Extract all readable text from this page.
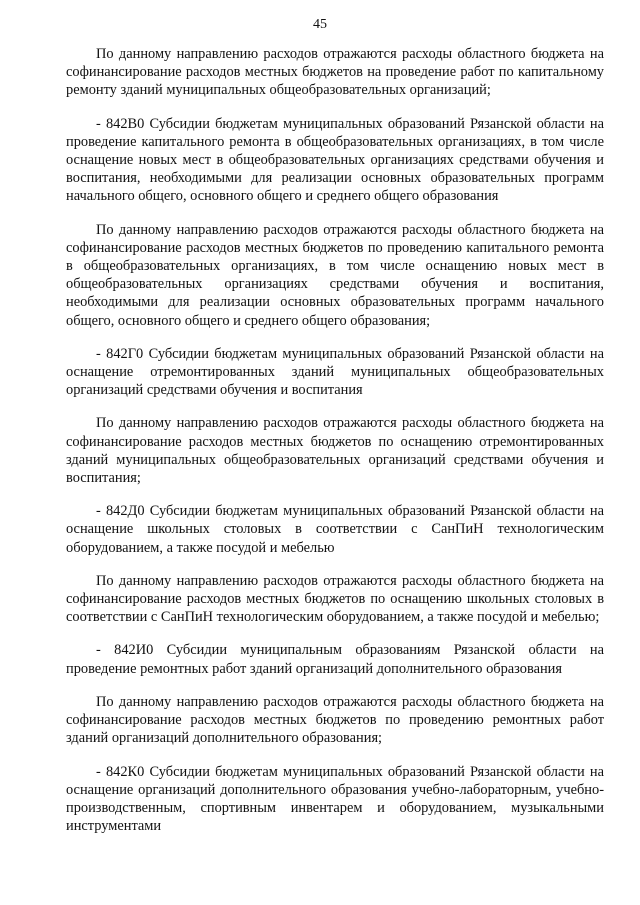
45

По данному направлению расходов отражаются расходы областного бюджета на софинансирование расходов местных бюджетов на проведение работ по капитальному ремонту зданий муниципальных общеобразовательных организаций;

- 842В0 Субсидии бюджетам муниципальных образований Рязанской области на проведение капитального ремонта в общеобразовательных организациях, в том числе оснащение новых мест в общеобразовательных организациях средствами обучения и воспитания, необходимыми для реализации основных образовательных программ начального общего, основного общего и среднего общего образования

По данному направлению расходов отражаются расходы областного бюджета на софинансирование расходов местных бюджетов по проведению капитального ремонта в общеобразовательных организациях, в том числе оснащению новых мест в общеобразовательных организациях средствами обучения и воспитания, необходимыми для реализации основных образовательных программ начального общего, основного общего и среднего общего образования;

- 842Г0 Субсидии бюджетам муниципальных образований Рязанской области на оснащение отремонтированных зданий муниципальных общеобразовательных организаций средствами обучения и воспитания

По данному направлению расходов отражаются расходы областного бюджета на софинансирование расходов местных бюджетов по оснащению отремонтированных зданий муниципальных общеобразовательных организаций средствами обучения и воспитания;

- 842Д0 Субсидии бюджетам муниципальных образований Рязанской области на оснащение школьных столовых в соответствии с СанПиН технологическим оборудованием, а также посудой и мебелью

По данному направлению расходов отражаются расходы областного бюджета на софинансирование расходов местных бюджетов по оснащению школьных столовых в соответствии с СанПиН технологическим оборудованием, а также посудой и мебелью;

- 842И0 Субсидии муниципальным образованиям Рязанской области на проведение ремонтных работ зданий организаций дополнительного образования

По данному направлению расходов отражаются расходы областного бюджета на софинансирование расходов местных бюджетов по проведению ремонтных работ зданий организаций дополнительного образования;

- 842К0 Субсидии бюджетам муниципальных образований Рязанской области на оснащение организаций дополнительного образования учебно-лабораторным, учебно-производственным, спортивным инвентарем и оборудованием, музыкальными инструментами
